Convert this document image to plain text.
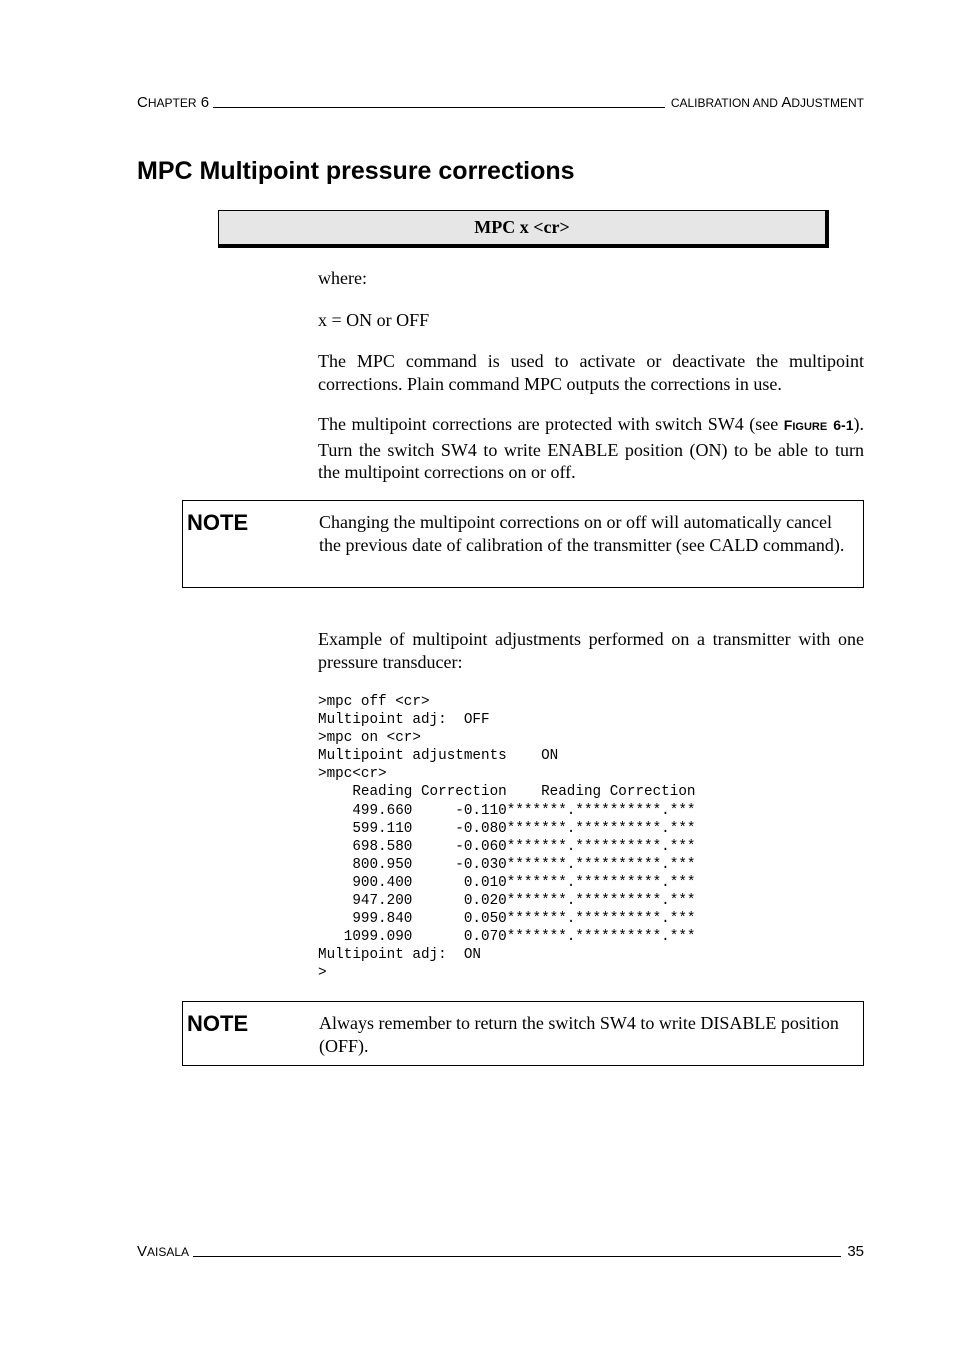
CHAPTER 6	CALIBRATION AND ADJUSTMENT
MPC Multipoint pressure corrections
MPC x <cr>

where:

x = ON or OFF

The MPC command is used to activate or deactivate the multipoint corrections. Plain command MPC outputs the corrections in use.

The multipoint corrections are protected with switch SW4 (see FIGURE 6-1). Turn the switch SW4 to write ENABLE position (ON) to be able to turn the multipoint corrections on or off.

NOTE	Changing the multipoint corrections on or off will automatically cancel the previous date of calibration of the transmitter (see CALD command).

Example of multipoint adjustments performed on a transmitter with one pressure transducer:

>mpc off <cr>
Multipoint adj:  OFF
>mpc on <cr>
Multipoint adjustments    ON
>mpc<cr>
Reading Correction    Reading Correction
499.660     -0.110*******.**********.***
599.110     -0.080*******.**********.***
698.580     -0.060*******.**********.***
800.950     -0.030*******.**********.***
900.400      0.010*******.**********.***
947.200      0.020*******.**********.***
999.840      0.050*******.**********.***
1099.090      0.070*******.**********.***
Multipoint adj:  ON
>
NOTE	Always remember to return the switch SW4 to write DISABLE position (OFF).
VAISALA	35
